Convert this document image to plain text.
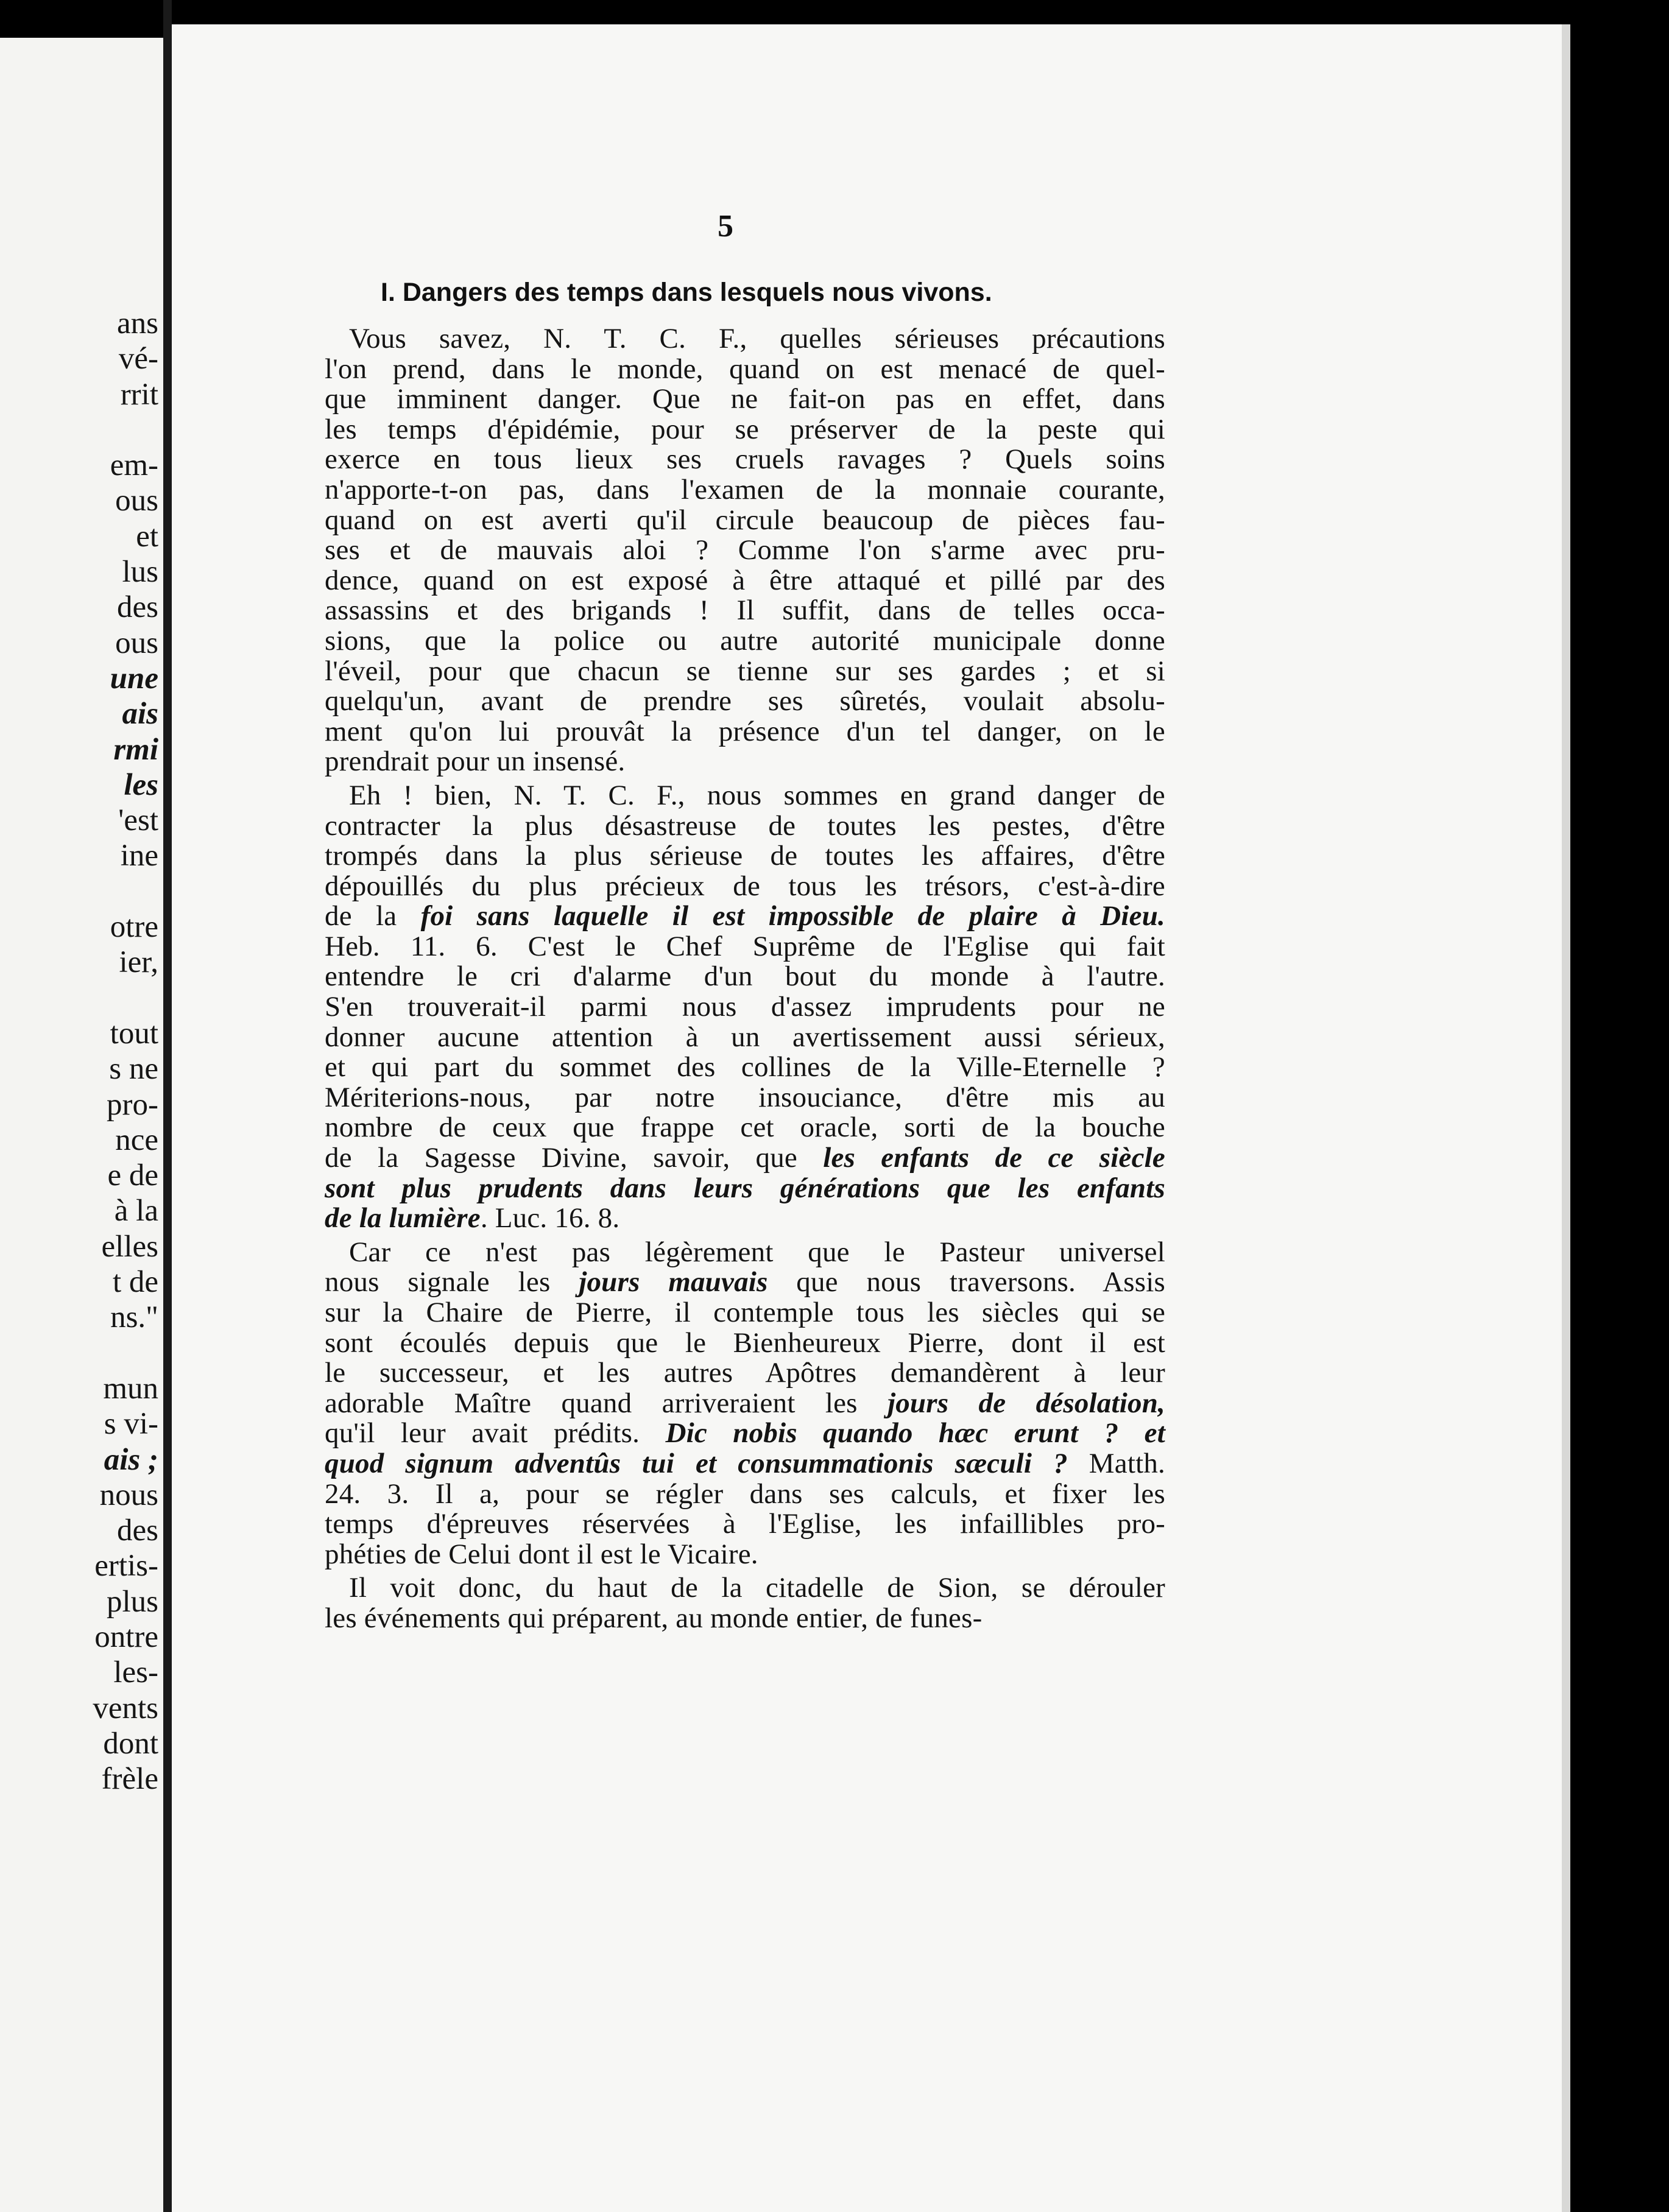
ans
vé-
rrit

em-
ous
et
lus
des
ous
une
ais
rmi
les
'est
ine

otre
ier,

tout
s ne
pro-
nce
e de
à la
elles
t de
ns."

mun
s vi-
ais ;
nous
des
ertis-
plus
ontre
les-
vents
dont
frèle
5
I. Dangers des temps dans lesquels nous vivons.
Vous savez, N. T. C. F., quelles sérieuses précautions
l'on prend, dans le monde, quand on est menacé de quel-
que imminent danger. Que ne fait-on pas en effet, dans
les temps d'épidémie, pour se préserver de la peste qui
exerce en tous lieux ses cruels ravages ? Quels soins
n'apporte-t-on pas, dans l'examen de la monnaie courante,
quand on est averti qu'il circule beaucoup de pièces fau-
ses et de mauvais aloi ? Comme l'on s'arme avec pru-
dence, quand on est exposé à être attaqué et pillé par des
assassins et des brigands ! Il suffit, dans de telles occa-
sions, que la police ou autre autorité municipale donne
l'éveil, pour que chacun se tienne sur ses gardes ; et si
quelqu'un, avant de prendre ses sûretés, voulait absolu-
ment qu'on lui prouvât la présence d'un tel danger, on le
prendrait pour un insensé.
Eh ! bien, N. T. C. F., nous sommes en grand danger de
contracter la plus désastreuse de toutes les pestes, d'être
trompés dans la plus sérieuse de toutes les affaires, d'être
dépouillés du plus précieux de tous les trésors, c'est-à-dire
de la foi sans laquelle il est impossible de plaire à Dieu.
Heb. 11. 6. C'est le Chef Suprême de l'Eglise qui fait
entendre le cri d'alarme d'un bout du monde à l'autre.
S'en trouverait-il parmi nous d'assez imprudents pour ne
donner aucune attention à un avertissement aussi sérieux,
et qui part du sommet des collines de la Ville-Eternelle ?
Mériterions-nous, par notre insouciance, d'être mis au
nombre de ceux que frappe cet oracle, sorti de la bouche
de la Sagesse Divine, savoir, que les enfants de ce siècle
sont plus prudents dans leurs générations que les enfants
de la lumière. Luc. 16. 8.
Car ce n'est pas légèrement que le Pasteur universel
nous signale les jours mauvais que nous traversons. Assis
sur la Chaire de Pierre, il contemple tous les siècles qui se
sont écoulés depuis que le Bienheureux Pierre, dont il est
le successeur, et les autres Apôtres demandèrent à leur
adorable Maître quand arriveraient les jours de désolation,
qu'il leur avait prédits. Dic nobis quando hæc erunt ? et
quod signum adventûs tui et consummationis sæculi ? Matth.
24. 3. Il a, pour se régler dans ses calculs, et fixer les
temps d'épreuves réservées à l'Eglise, les infaillibles pro-
phéties de Celui dont il est le Vicaire.
Il voit donc, du haut de la citadelle de Sion, se dérouler
les événements qui préparent, au monde entier, de funes-
